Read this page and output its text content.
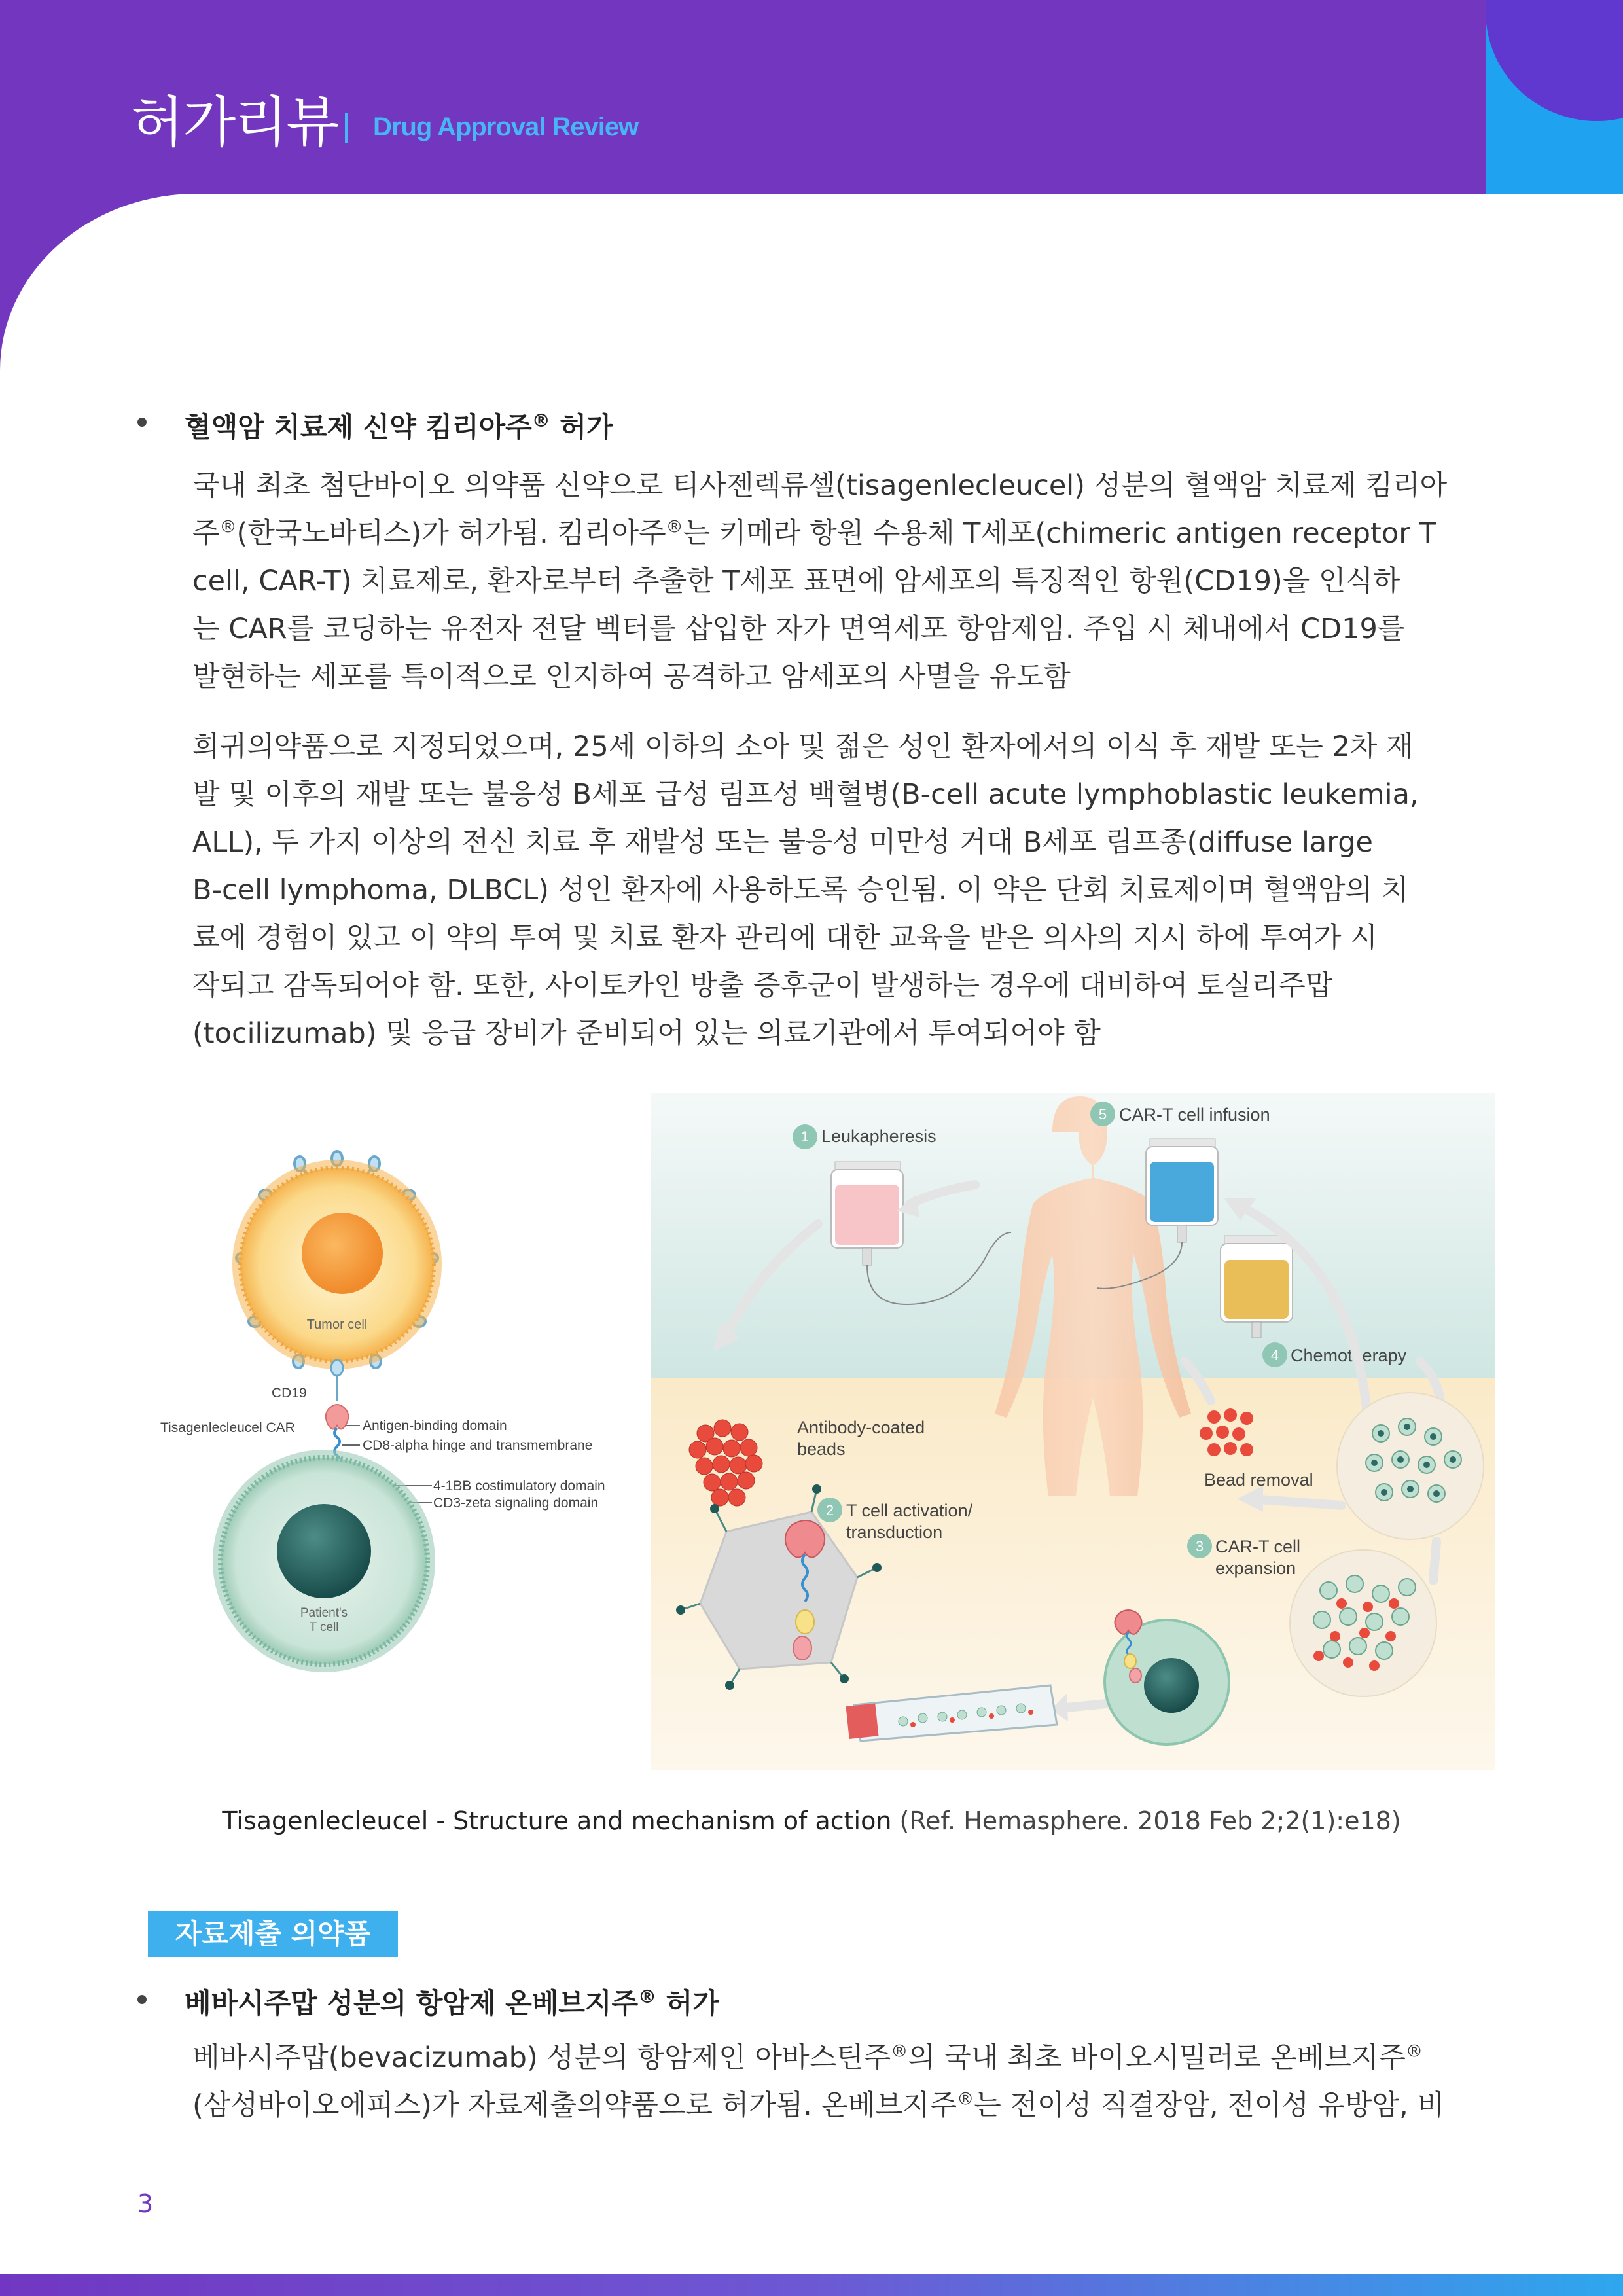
허가리뷰 Drug Approval Review
혈액암 치료제 신약 킴리아주® 허가

국내 최초 첨단바이오 의약품 신약으로 티사젠렉류셀(tisagenlecleucel) 성분의 혈액암 치료제 킴리아

주®(한국노바티스)가 허가됨. 킴리아주®는 키메라 항원 수용체 T세포(chimeric antigen receptor T

cell, CAR-T) 치료제로, 환자로부터 추출한 T세포 표면에 암세포의 특징적인 항원(CD19)을 인식하

는 CAR를 코딩하는 유전자 전달 벡터를 삽입한 자가 면역세포 항암제임. 주입 시 체내에서 CD19를

발현하는 세포를 특이적으로 인지하여 공격하고 암세포의 사멸을 유도함

희귀의약품으로 지정되었으며, 25세 이하의 소아 및 젊은 성인 환자에서의 이식 후 재발 또는 2차 재

발 및 이후의 재발 또는 불응성 B세포 급성 림프성 백혈병(B-cell acute lymphoblastic leukemia,

ALL), 두 가지 이상의 전신 치료 후 재발성 또는 불응성 미만성 거대 B세포 림프종(diffuse large

B-cell lymphoma, DLBCL) 성인 환자에 사용하도록 승인됨. 이 약은 단회 치료제이며 혈액암의 치

료에 경험이 있고 이 약의 투여 및 치료 환자 관리에 대한 교육을 받은 의사의 지시 하에 투여가 시

작되고 감독되어야 함. 또한, 사이토카인 방출 증후군이 발생하는 경우에 대비하여 토실리주맙

(tocilizumab) 및 응급 장비가 준비되어 있는 의료기관에서 투여되어야 함

Tumor cell
CD19
Tisagenlecleucel CAR	Antigen-binding domain
CD8-alpha hinge and transmembrane
4-1BB costimulatory domain
CD3-zeta signaling domain
Patient's
T cell
1 Leukapheresis
5 CAR-T cell infusion
4 Chemotherapy
Antibody-coated
beads
Bead removal
2 T cell activation/
transduction
3 CAR-T cell
expansion
Tisagenlecleucel - Structure and mechanism of action (Ref. Hemasphere. 2018 Feb 2;2(1):e18)
자료제출 의약품
베바시주맙 성분의 항암제 온베브지주® 허가

베바시주맙(bevacizumab) 성분의 항암제인 아바스틴주®의 국내 최초 바이오시밀러로 온베브지주®

(삼성바이오에피스)가 자료제출의약품으로 허가됨. 온베브지주®는 전이성 직결장암, 전이성 유방암, 비

3
